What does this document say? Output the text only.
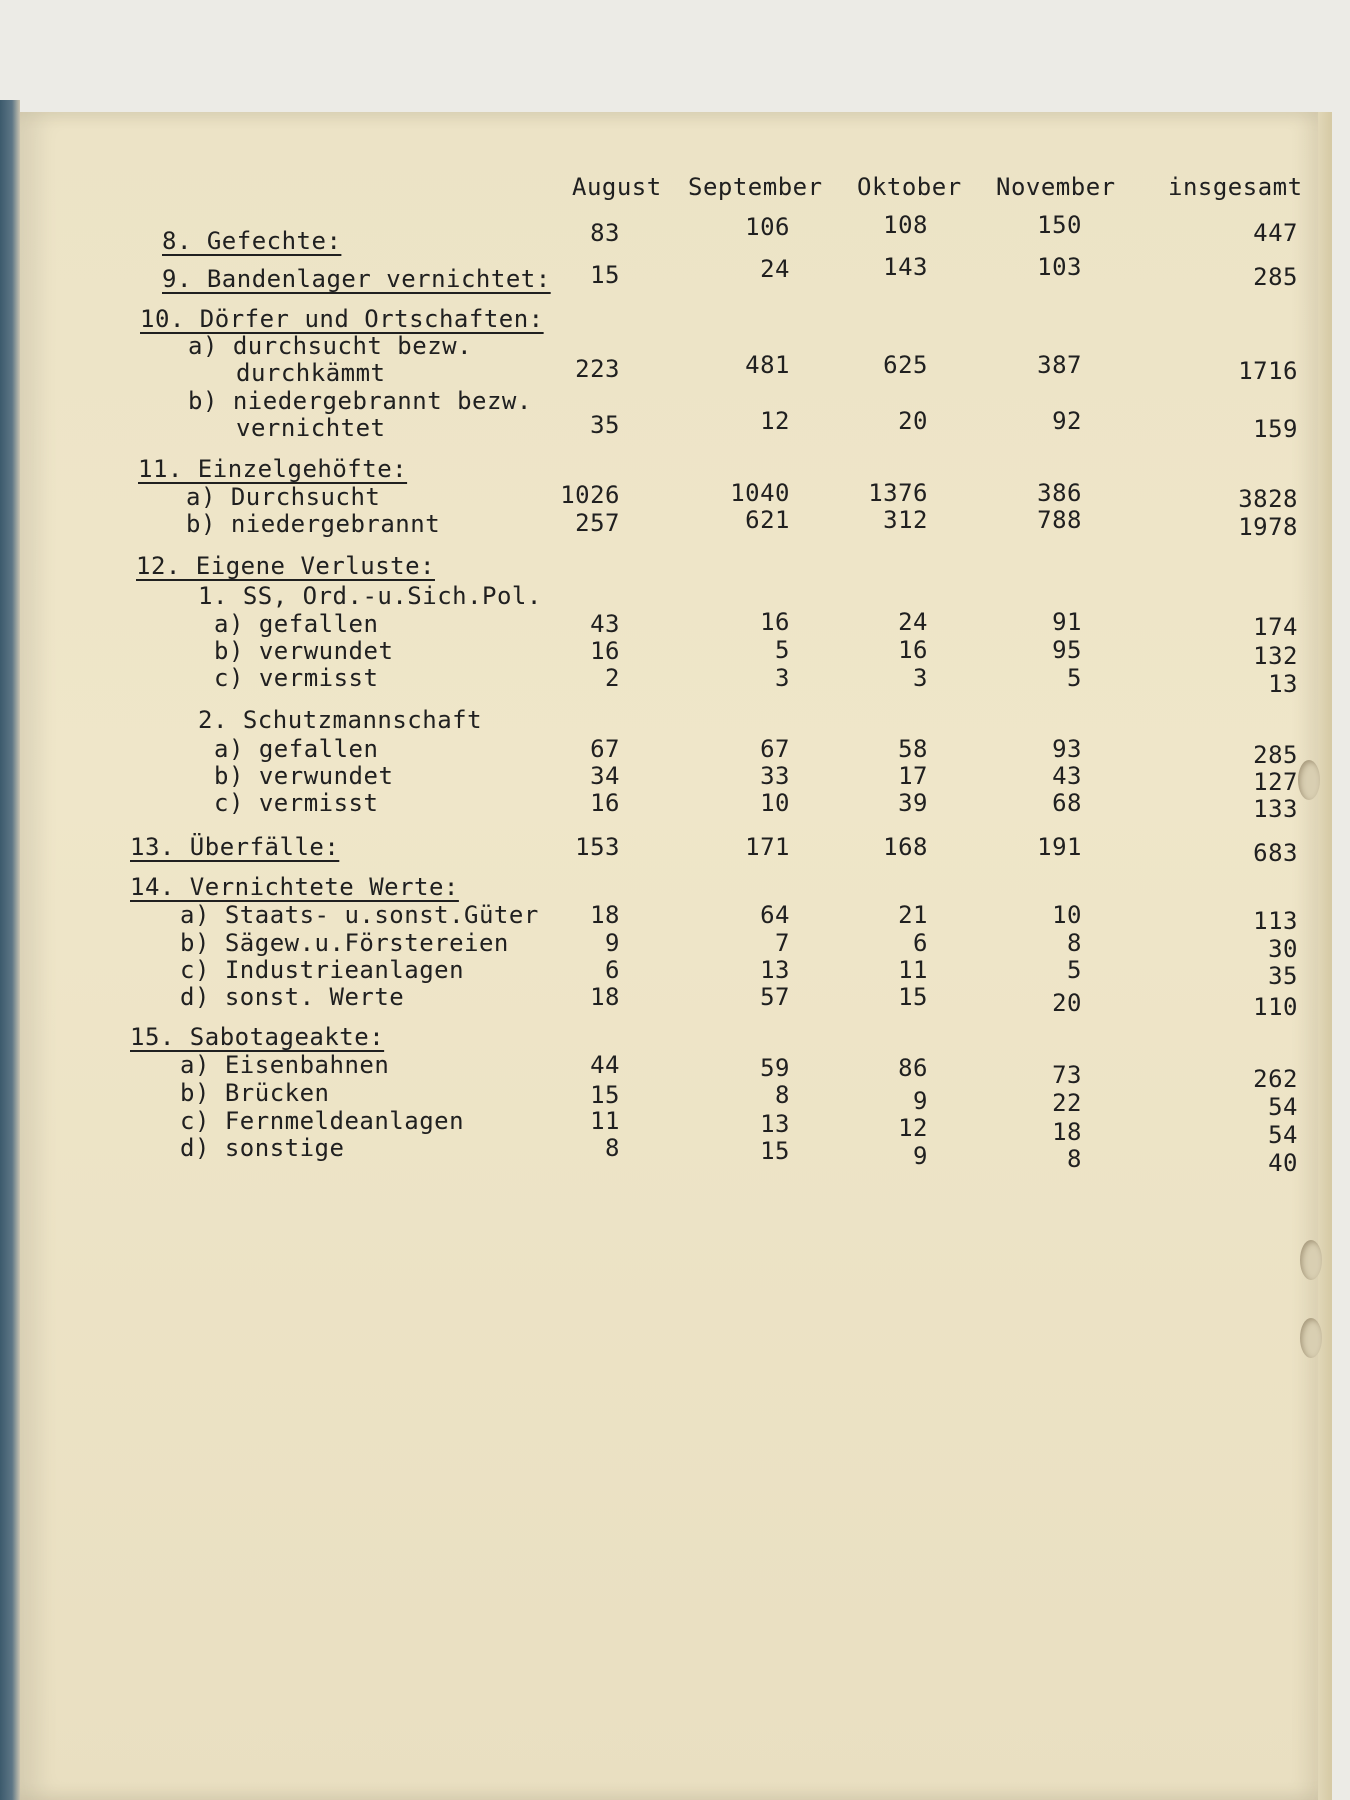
August September Oktober November insgesamt
8. Gefechte:	83	106	108	150	447
9. Bandenlager vernichtet:	15	24	143	103	285
10. Dörfer und Ortschaften:
a) durchsucht bezw.
durchkämmt	223	481	625	387	1716
b) niedergebrannt bezw.
vernichtet	35	12	20	92	159
11. Einzelgehöfte:
a) Durchsucht	1026	1040	1376	386	3828
b) niedergebrannt	257	621	312	788	1978
12. Eigene Verluste:
1. SS, Ord.-u.Sich.Pol.
a) gefallen	43	16	24	91	174
b) verwundet	16	5	16	95	132
c) vermisst	2	3	3	5	13
2. Schutzmannschaft
a) gefallen	67	67	58	93	285
b) verwundet	34	33	17	43	127
c) vermisst	16	10	39	68	133
13. Überfälle:	153	171	168	191	683
14. Vernichtete Werte:
a) Staats- u.sonst.Güter	18	64	21	10	113
b) Sägew.u.Förstereien	9	7	6	8	30
c) Industrieanlagen	6	13	11	5	35
d) sonst. Werte	18	57	15	20	110
15. Sabotageakte:
a) Eisenbahnen	44	59	86	73	262
b) Brücken	15	8	9	22	54
c) Fernmeldeanlagen	11	13	12	18	54
d) sonstige	8	15	9	8	40
